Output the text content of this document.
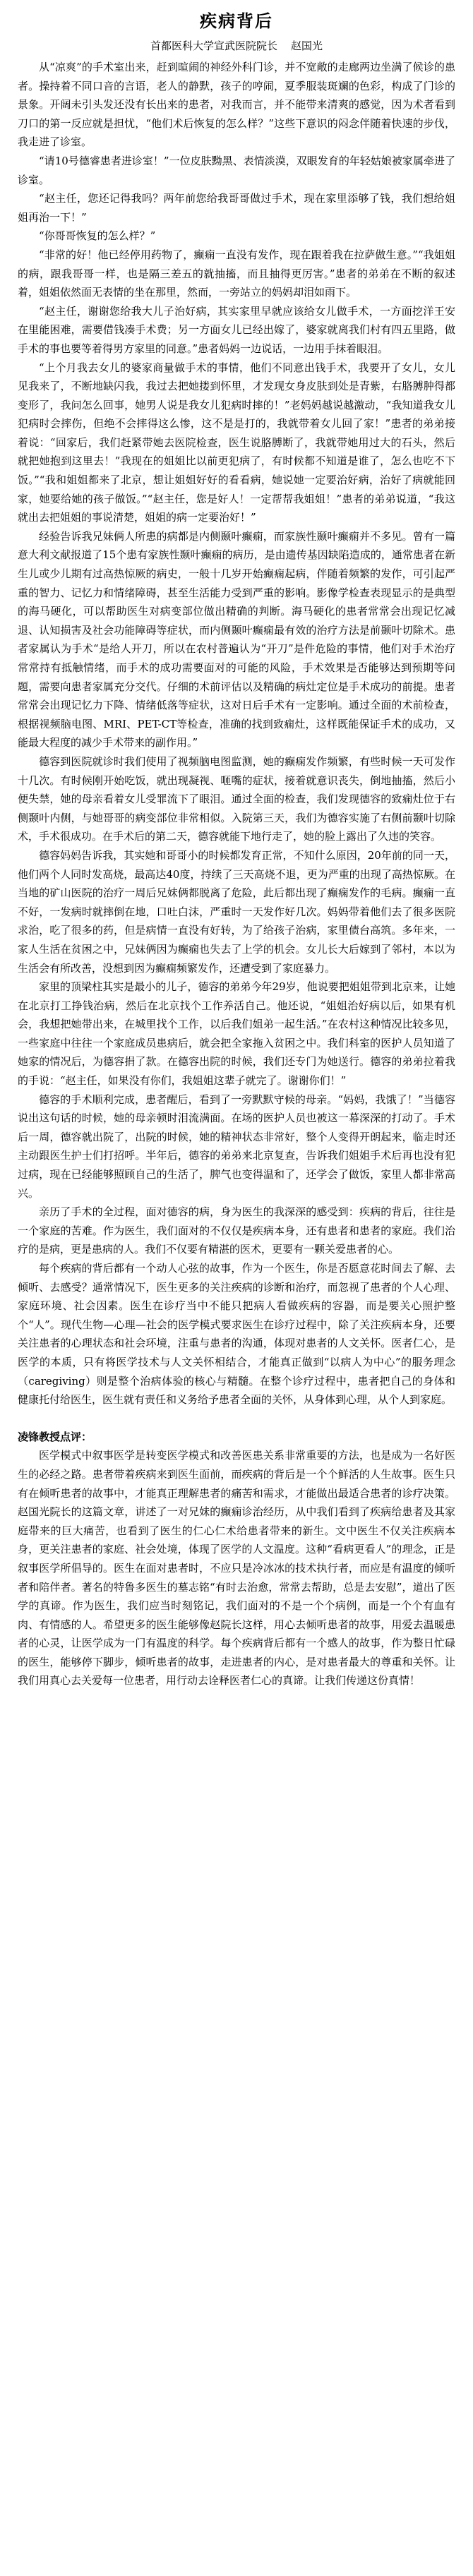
疾病背后
首都医科大学宣武医院院长    赵国光

从“凉爽”的手术室出来，赶到暄闹的神经外科门诊，并不宽敞的走廊两边坐满了候诊的患者。操持着不同口音的言语，老人的静默，孩子的哼闹，夏季服装斑斓的色彩，构成了门诊的景象。开阔未引头发还没有长出来的患者，对我而言，并不能带来清爽的感觉，因为术者看到刀口的第一反应就是担忧，“他们术后恢复的怎么样？”这些下意识的闷念伴随着快速的步伐，我走进了诊室。

“请10号德睿患者进诊室！”一位皮肤黝黑、表情淡漠，双眼发育的年轻姑娘被家属牵进了诊室。

“赵主任，您还记得我吗？两年前您给我哥哥做过手术，现在家里添够了钱，我们想给姐姐再治一下！”

“你哥哥恢复的怎么样？”

“非常的好！他已经停用药物了，癫痫一直没有发作，现在跟着我在拉萨做生意。”“我姐姐的病，跟我哥哥一样，也是隔三差五的就抽搐，而且抽得更厉害。”患者的弟弟在不断的叙述着，姐姐依然面无表情的坐在那里，然而，一旁站立的妈妈却泪如雨下。

“赵主任，谢谢您给我大儿子治好病，其实家里早就应该给女儿做手术，一方面挖洋王安在里能困难，需要借钱凑手术费；另一方面女儿已经出嫁了，婆家就离我们村有四五里路，做手术的事也要等着得男方家里的同意。”患者妈妈一边说话，一边用手抹着眼泪。

“上个月我去女儿的婆家商量做手术的事情，他们不同意出钱手术，我要开了女儿，女儿见我来了，不断地缺闪我，我过去把她搂到怀里，才发现女身皮肤到处是青紫，右胳膊肿得都变形了，我问怎么回事，她男人说是我女儿犯病时摔的！”老妈妈越说越激动，“我知道我女儿犯病时会摔伤，但绝不会摔得这么惨，这不是是打的，我就带着女儿回了家！”患者的弟弟接着说：“回家后，我们赶紧带她去医院检查，医生说胳膊断了，我就带她用过大的石头，然后就把她抱到这里去！”我现在的姐姐比以前更犯病了，有时候都不知道是谁了，怎么也吃不下饭。”“我和姐姐都来了北京，想让姐姐好好的看看病，她说她一定要治好病，治好了病就能回家，她要给她的孩子做饭。”“赵主任，您是好人！一定帮帮我姐姐！”患者的弟弟说道，“我这就出去把姐姐的事说清楚，姐姐的病一定要治好！”

经验告诉我兄妹俩人所患的病都是内侧颞叶癫痫，而家族性颞叶癫痫并不多见。曾有一篇意大利文献报道了15个患有家族性颞叶癫痫的病历，是由遗传基因缺陷造成的，通常患者在新生儿或少儿期有过高热惊厥的病史，一般十几岁开始癫痫起病，伴随着频繁的发作，可引起严重的智力、记忆力和情绪障碍，甚至生活能力受到严重的影响。影像学检查表现显示的是典型的海马硬化，可以帮助医生对病变部位做出精确的判断。海马硬化的患者常常会出现记忆减退、认知损害及社会功能障碍等症状，而内侧颞叶癫痫最有效的治疗方法是前颞叶切除术。患者家属认为手术“是给人开刀，所以在农村普遍认为“开刀”是件危险的事情，他们对手术治疗常常持有抵触情绪，而手术的成功需要面对的可能的风险，手术效果是否能够达到预期等问题，需要向患者家属充分交代。仔细的术前评估以及精确的病灶定位是手术成功的前提。患者常常会出现记忆力下降、情绪低落等症状，这对日后手术有一定影响。通过全面的术前检查，根据视频脑电图、MRI、PET-CT等检查，准确的找到致痫灶，这样既能保证手术的成功，又能最大程度的减少手术带来的副作用。”

德容到医院就诊时我们使用了视频脑电图监测，她的癫痫发作频繁，有些时候一天可发作十几次。有时候刚开始吃饭，就出现凝视、咂嘴的症状，接着就意识丧失，倒地抽搐，然后小便失禁，她的母亲看着女儿受罪流下了眼泪。通过全面的检查，我们发现德容的致痫灶位于右侧颞叶内侧，与她哥哥的病变部位非常相似。入院第三天，我们为德容实施了右侧前颞叶切除术，手术很成功。在手术后的第二天，德容就能下地行走了，她的脸上露出了久违的笑容。

德容妈妈告诉我，其实她和哥哥小的时候都发育正常，不知什么原因，20年前的同一天，他们两个人同时发高烧，最高达40度，持续了三天高烧不退，更为严重的出现了高热惊厥。在当地的矿山医院的治疗一周后兄妹俩都脱离了危险，此后都出现了癫痫发作的毛病。癫痫一直不好，一发病时就摔倒在地，口吐白沫，严重时一天发作好几次。妈妈带着他们去了很多医院求治，吃了很多的药，但是病情一直没有好转，为了给孩子治病，家里债台高筑。多年来，一家人生活在贫困之中，兄妹俩因为癫痫也失去了上学的机会。女儿长大后嫁到了邻村，本以为生活会有所改善，没想到因为癫痫频繁发作，还遭受到了家庭暴力。

家里的顶梁柱其实是最小的儿子，德容的弟弟今年29岁，他说要把姐姐带到北京来，让她在北京打工挣钱治病，然后在北京找个工作养活自己。他还说，“姐姐治好病以后，如果有机会，我想把她带出来，在城里找个工作，以后我们姐弟一起生活。”在农村这种情况比较多见，一些家庭中往往一个家庭成员患病后，就会把全家拖入贫困之中。我们科室的医护人员知道了她家的情况后，为德容捐了款。在德容出院的时候，我们还专门为她送行。德容的弟弟拉着我的手说：“赵主任，如果没有你们，我姐姐这辈子就完了。谢谢你们！”

德容的手术顺利完成，患者醒后，看到了一旁默默守候的母亲。“妈妈，我饿了！”当德容说出这句话的时候，她的母亲顿时泪流满面。在场的医护人员也被这一幕深深的打动了。手术后一周，德容就出院了，出院的时候，她的精神状态非常好，整个人变得开朗起来，临走时还主动跟医生护士们打招呼。半年后，德容的弟弟来北京复查，告诉我们姐姐手术后再也没有犯过病，现在已经能够照顾自己的生活了，脾气也变得温和了，还学会了做饭，家里人都非常高兴。

亲历了手术的全过程，面对德容的病，身为医生的我深深的感受到：疾病的背后，往往是一个家庭的苦难。作为医生，我们面对的不仅仅是疾病本身，还有患者和患者的家庭。我们治疗的是病，更是患病的人。我们不仅要有精湛的医术，更要有一颗关爱患者的心。

每个疾病的背后都有一个动人心弦的故事，作为一个医生，你是否愿意花时间去了解、去倾听、去感受？通常情况下，医生更多的关注疾病的诊断和治疗，而忽视了患者的个人心理、家庭环境、社会因素。医生在诊疗当中不能只把病人看做疾病的容器，而是要关心照护整个“人”。现代生物—心理—社会的医学模式要求医生在诊疗过程中，除了关注疾病本身，还要关注患者的心理状态和社会环境，注重与患者的沟通，体现对患者的人文关怀。医者仁心，是医学的本质，只有将医学技术与人文关怀相结合，才能真正做到“以病人为中心”的服务理念（caregiving）则是整个治病体验的核心与精髓。在整个诊疗过程中，患者把自己的身体和健康托付给医生，医生就有责任和义务给予患者全面的关怀，从身体到心理，从个人到家庭。

凌锋教授点评：

医学模式中叙事医学是转变医学模式和改善医患关系非常重要的方法，也是成为一名好医生的必经之路。患者带着疾病来到医生面前，而疾病的背后是一个个鲜活的人生故事。医生只有在倾听患者的故事中，才能真正理解患者的痛苦和需求，才能做出最适合患者的诊疗决策。赵国光院长的这篇文章，讲述了一对兄妹的癫痫诊治经历，从中我们看到了疾病给患者及其家庭带来的巨大痛苦，也看到了医生的仁心仁术给患者带来的新生。文中医生不仅关注疾病本身，更关注患者的家庭、社会处境，体现了医学的人文温度。这种“看病更看人”的理念，正是叙事医学所倡导的。医生在面对患者时，不应只是冷冰冰的技术执行者，而应是有温度的倾听者和陪伴者。著名的特鲁多医生的墓志铭“有时去治愈，常常去帮助，总是去安慰”，道出了医学的真谛。作为医生，我们应当时刻铭记，我们面对的不是一个个病例，而是一个个有血有肉、有情感的人。希望更多的医生能够像赵院长这样，用心去倾听患者的故事，用爱去温暖患者的心灵，让医学成为一门有温度的科学。每个疾病背后都有一个感人的故事，作为整日忙碌的医生，能够停下脚步，倾听患者的故事，走进患者的内心，是对患者最大的尊重和关怀。让我们用真心去关爱每一位患者，用行动去诠释医者仁心的真谛。让我们传递这份真情！
